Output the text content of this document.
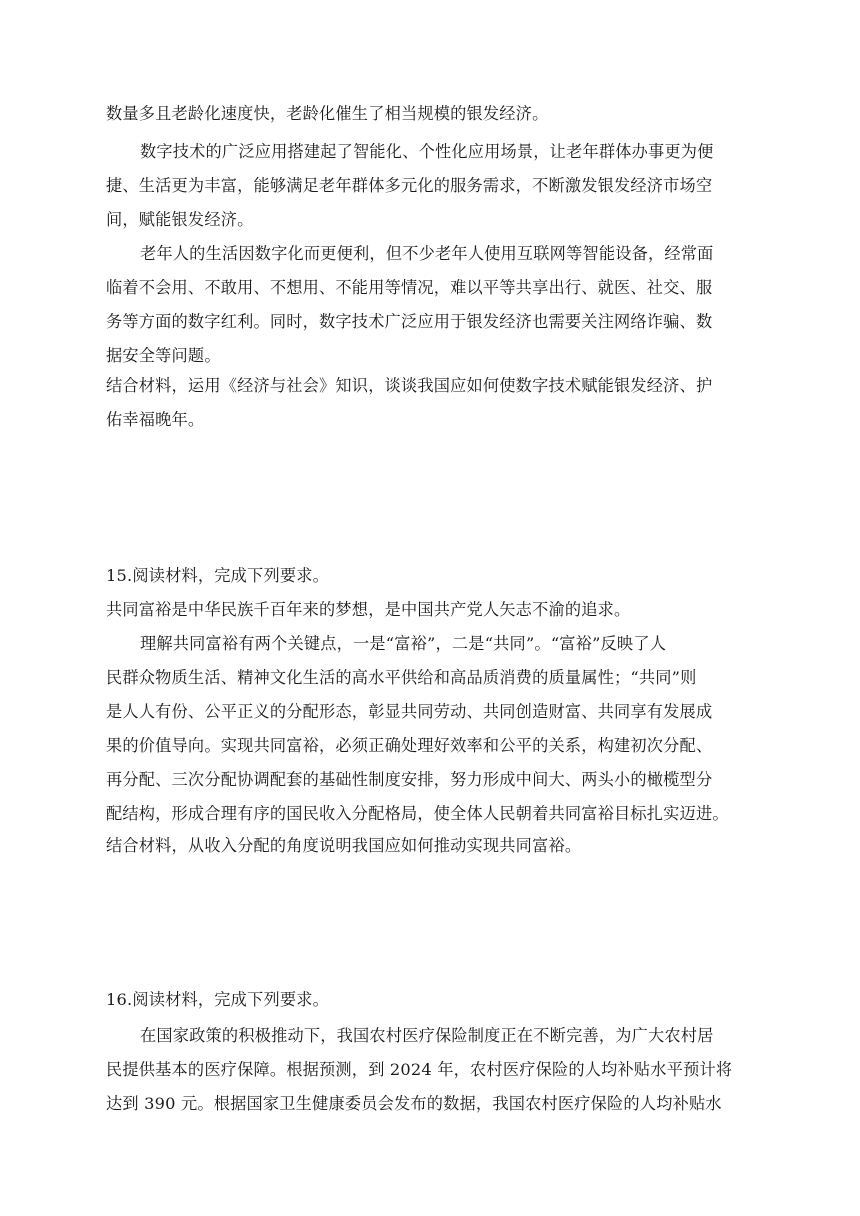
数量多且老龄化速度快，老龄化催生了相当规模的银发经济。
数字技术的广泛应用搭建起了智能化、个性化应用场景，让老年群体办事更为便
捷、生活更为丰富，能够满足老年群体多元化的服务需求，不断激发银发经济市场空
间，赋能银发经济。
老年人的生活因数字化而更便利，但不少老年人使用互联网等智能设备，经常面
临着不会用、不敢用、不想用、不能用等情况，难以平等共享出行、就医、社交、服
务等方面的数字红利。同时，数字技术广泛应用于银发经济也需要关注网络诈骗、数
据安全等问题。
结合材料，运用《经济与社会》知识，谈谈我国应如何使数字技术赋能银发经济、护
佑幸福晚年。
15.阅读材料，完成下列要求。
共同富裕是中华民族千百年来的梦想，是中国共产党人矢志不渝的追求。
理解共同富裕有两个关键点，一是“富裕”，二是“共同”。“富裕”反映了人
民群众物质生活、精神文化生活的高水平供给和高品质消费的质量属性；“共同”则
是人人有份、公平正义的分配形态，彰显共同劳动、共同创造财富、共同享有发展成
果的价值导向。实现共同富裕，必须正确处理好效率和公平的关系，构建初次分配、
再分配、三次分配协调配套的基础性制度安排，努力形成中间大、两头小的橄榄型分
配结构，形成合理有序的国民收入分配格局，使全体人民朝着共同富裕目标扎实迈进。
结合材料，从收入分配的角度说明我国应如何推动实现共同富裕。
16.阅读材料，完成下列要求。
在国家政策的积极推动下，我国农村医疗保险制度正在不断完善，为广大农村居
民提供基本的医疗保障。根据预测，到 2024 年，农村医疗保险的人均补贴水平预计将
达到 390 元。根据国家卫生健康委员会发布的数据，我国农村医疗保险的人均补贴水
